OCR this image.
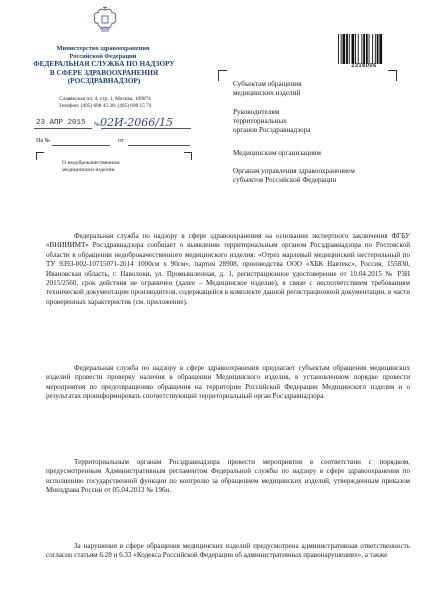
Министерство здравоохранения
Российской Федерации
ФЕДЕРАЛЬНАЯ СЛУЖБА ПО НАДЗОРУ
В СФЕРЕ ЗДРАВООХРАНЕНИЯ
(РОСЗДРАВНАДЗОР)
Славянская пл. 4, стр. 1, Москва, 109074
Телефон: (495) 698 45 38; (495) 698 15 74
23 АПР 2015 № 02И-2066/15
На №	от
О недоброкачественном
медицинском изделии
2318006
Субъектам обращения
медицинских изделий
Руководителям
территориальных
органов Росздравнадзора
Медицинским организациям
Органам управления здравоохранением
субъектов Российской Федерации
Федеральная служба по надзору в сфере здравоохранения на основании экспертного заключения ФГБУ «ВНИИИМТ» Росздравнадзора сообщает о выявлении территориальным органом Росздравнадзора по Ростовской области в обращении недоброкачественного медицинского изделия: «Отрез марлевый медицинский нестерильный по ТУ 9393-002-10715071-2014 1000см х 90см», партия 28908, производства ООО «ХБК Навтекс», Россия, 155830, Ивановская область, г. Наволоки, ул. Промышленная, д. 1, регистрационное удостоверение от 10.04.2015 № РЗН 2015/2560, срок действия не ограничен (далее – Медицинское изделие), в связи с несоответствием требованиям технической документации производителя, содержащейся в комплекте данной регистрационной документации, в части проверенных характеристик (см. приложение).
Федеральная служба по надзору в сфере здравоохранения предлагает субъектам обращения медицинских изделий провести проверку наличия в обращении Медицинского изделия, в установленном порядке провести мероприятия по предотвращению обращения на территории Российской Федерации Медицинского изделия и о результатах проинформировать соответствующий территориальный орган Росздравнадзора.
Территориальным органам Росздравнадзора провести мероприятия в соответствии с порядком, предусмотренным Административным регламентом Федеральной службы по надзору в сфере здравоохранения по исполнению государственной функции по контролю за обращением медицинских изделий, утвержденным приказом Минздрава России от 05.04.2013 № 196н.
За нарушения в сфере обращения медицинских изделий предусмотрена административная ответственность согласно статьям 6.28 и 6.33 «Кодекса Российской Федерации об административных правонарушениях», а также
